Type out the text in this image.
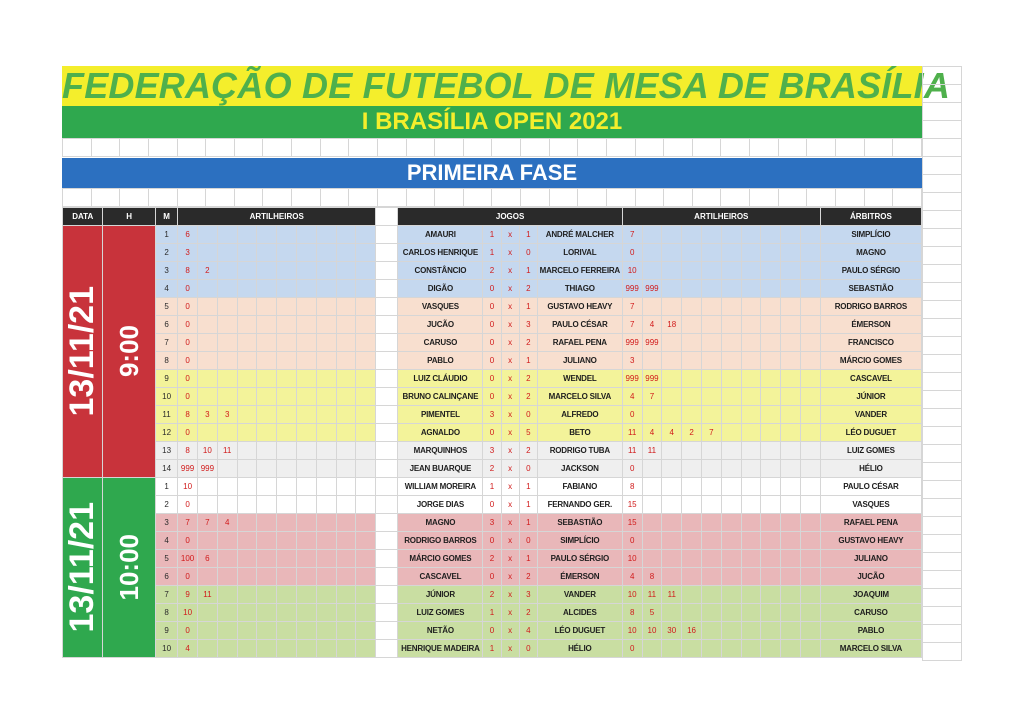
FEDERAÇÃO DE FUTEBOL DE MESA DE BRASÍLIA
I BRASÍLIA OPEN 2021

PRIMEIRA FASE

DATA	H	M	ARTILHEIROS											JOGOS					ARTILHEIROS										ÁRBITROS

13/11/21	9:00	1	6											AMAURI	1	x	1	ANDRÉ MALCHER	7										SIMPLÍCIO
		2	3											CARLOS HENRIQUE	1	x	0	LORIVAL	0										MAGNO
		3	8	2										CONSTÂNCIO	2	x	1	MARCELO FERREIRA	10										PAULO SÉRGIO
		4	0											DIGÃO	0	x	2	THIAGO	999	999									SEBASTIÃO
		5	0											VASQUES	0	x	1	GUSTAVO HEAVY	7										RODRIGO BARROS
		6	0											JUCÃO	0	x	3	PAULO CÉSAR	7	4	18								ÉMERSON
		7	0											CARUSO	0	x	2	RAFAEL PENA	999	999									FRANCISCO
		8	0											PABLO	0	x	1	JULIANO	3										MÁRCIO GOMES
		9	0											LUIZ CLÁUDIO	0	x	2	WENDEL	999	999									CASCAVEL
		10	0											BRUNO CALINÇANE	0	x	2	MARCELO SILVA	4	7									JÚNIOR
		11	8	3	3									PIMENTEL	3	x	0	ALFREDO	0										VANDER
		12	0											AGNALDO	0	x	5	BETO	11	4	4	2	7						LÉO DUGUET
		13	8	10	11									MARQUINHOS	3	x	2	RODRIGO TUBA	11	11									LUIZ GOMES
		14	999	999										JEAN BUARQUE	2	x	0	JACKSON	0										HÉLIO

13/11/21	10:00	1	10											WILLIAM MOREIRA	1	x	1	FABIANO	8										PAULO CÉSAR
		2	0											JORGE DIAS	0	x	1	FERNANDO GER.	15										VASQUES
		3	7	7	4									MAGNO	3	x	1	SEBASTIÃO	15										RAFAEL PENA
		4	0											RODRIGO BARROS	0	x	0	SIMPLÍCIO	0										GUSTAVO HEAVY
		5	100	6										MÁRCIO GOMES	2	x	1	PAULO SÉRGIO	10										JULIANO
		6	0											CASCAVEL	0	x	2	ÉMERSON	4	8									JUCÃO
		7	9	11										JÚNIOR	2	x	3	VANDER	10	11	11								JOAQUIM
		8	10											LUIZ GOMES	1	x	2	ALCIDES	8	5									CARUSO
		9	0											NETÃO	0	x	4	LÉO DUGUET	10	10	30	16							PABLO
		10	4											HENRIQUE MADEIRA	1	x	0	HÉLIO	0										MARCELO SILVA
